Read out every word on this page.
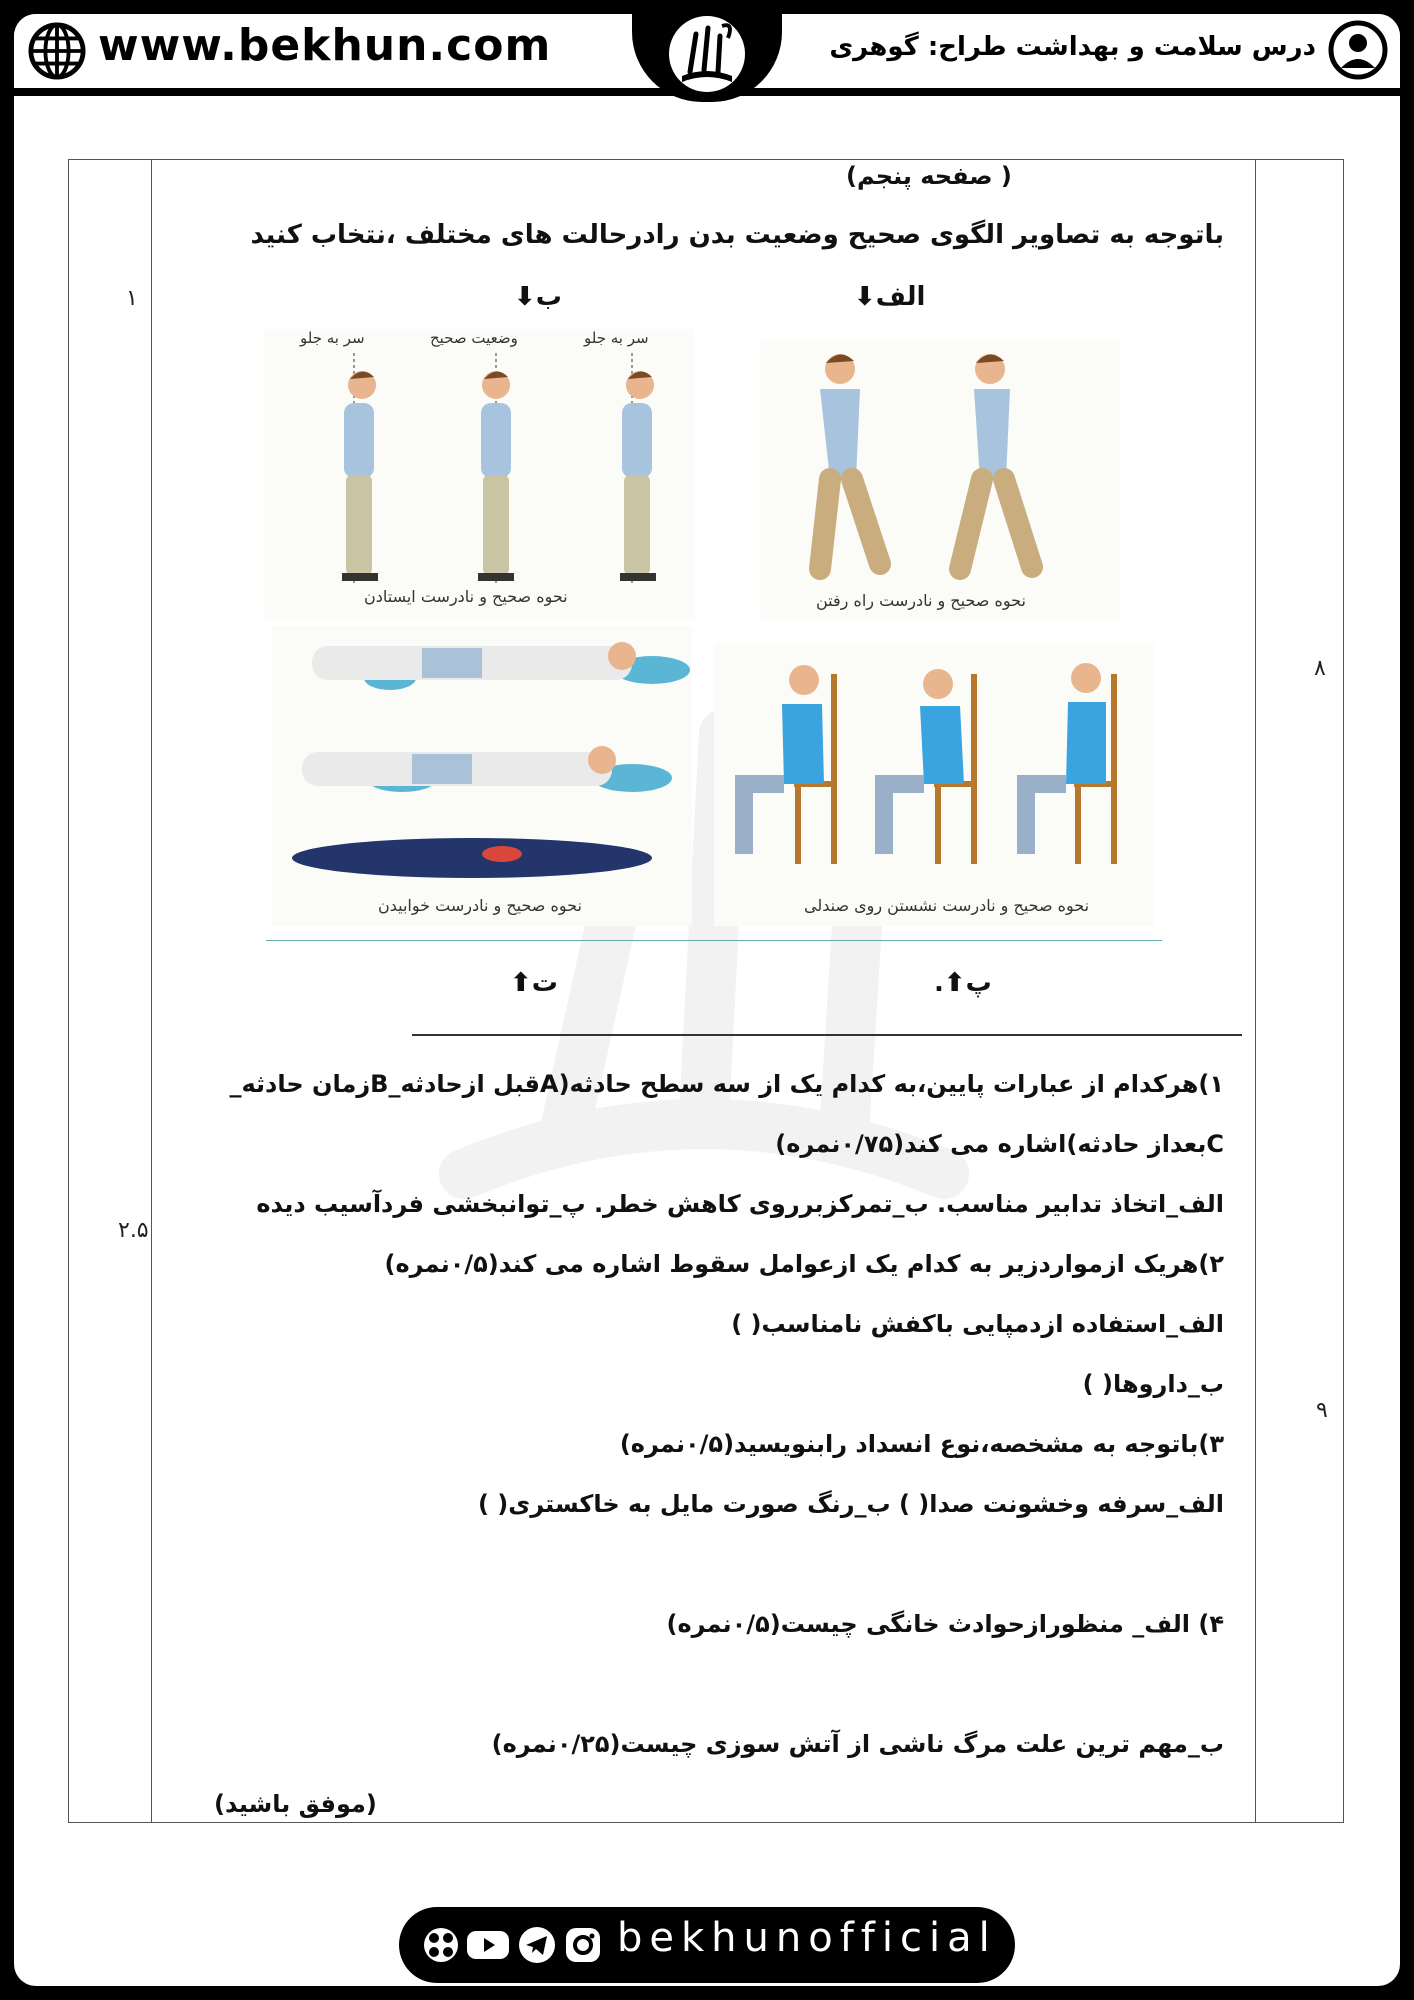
www.bekhun.com	درس سلامت و بهداشت طراح: گوهری
( صفحه پنجم)
باتوجه به تصاویر الگوی صحیح وضعیت بدن رادرحالت های مختلف ،نتخاب کنید
۱
۸
الف⬇
ب⬇
سر به جلو	وضعیت صحیح	سر به جلو
نحوه صحیح و نادرست ایستادن	نحوه صحیح و نادرست راه رفتن
نحوه صحیح و نادرست خوابیدن	نحوه صحیح و نادرست نشستن روی صندلی
پ⬆.
ت⬆
۲.۵
۹
۱)هرکدام از عبارات پایین،به کدام یک از سه سطح حادثه(Aقبل ازحادثه_Bزمان حادثه_
Cبعداز حادثه)اشاره می کند(۰/۷۵نمره)
الف_اتخاذ تدابیر مناسب. ب_تمرکزبرروی کاهش خطر. پ_توانبخشی فردآسیب دیده
۲)هریک ازمواردزیر به کدام یک ازعوامل سقوط اشاره می کند(۰/۵نمره)
الف_استفاده ازدمپایی باکفش نامناسب( )
ب_داروها( )
۳)باتوجه به مشخصه،نوع انسداد رابنویسید(۰/۵نمره)
الف_سرفه وخشونت صدا( ) ب_رنگ صورت مایل به خاکستری( )
۴) الف_ منظورازحوادث خانگی چیست(۰/۵نمره)
ب_مهم ترین علت مرگ ناشی از آتش سوزی چیست(۰/۲۵نمره)
(موفق باشید)
bekhunofficial
